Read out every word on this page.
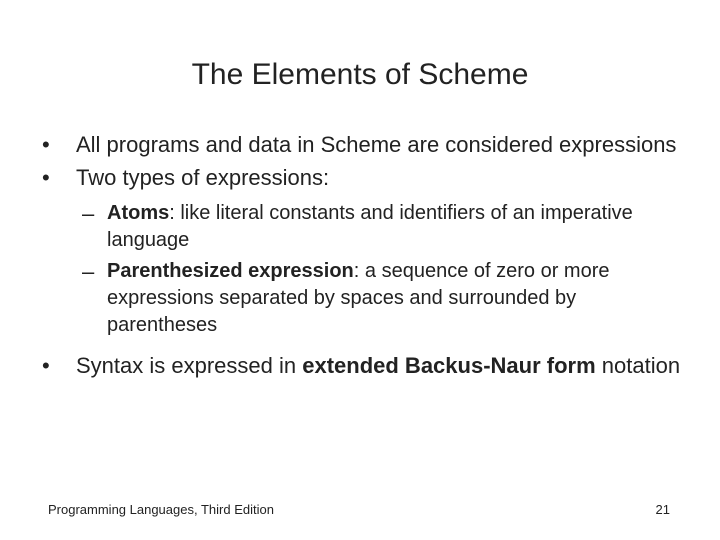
The Elements of Scheme
• All programs and data in Scheme are considered expressions
• Two types of expressions:
– Atoms: like literal constants and identifiers of an imperative language
– Parenthesized expression: a sequence of zero or more expressions separated by spaces and surrounded by parentheses
• Syntax is expressed in extended Backus-Naur form notation
Programming Languages, Third Edition	21
